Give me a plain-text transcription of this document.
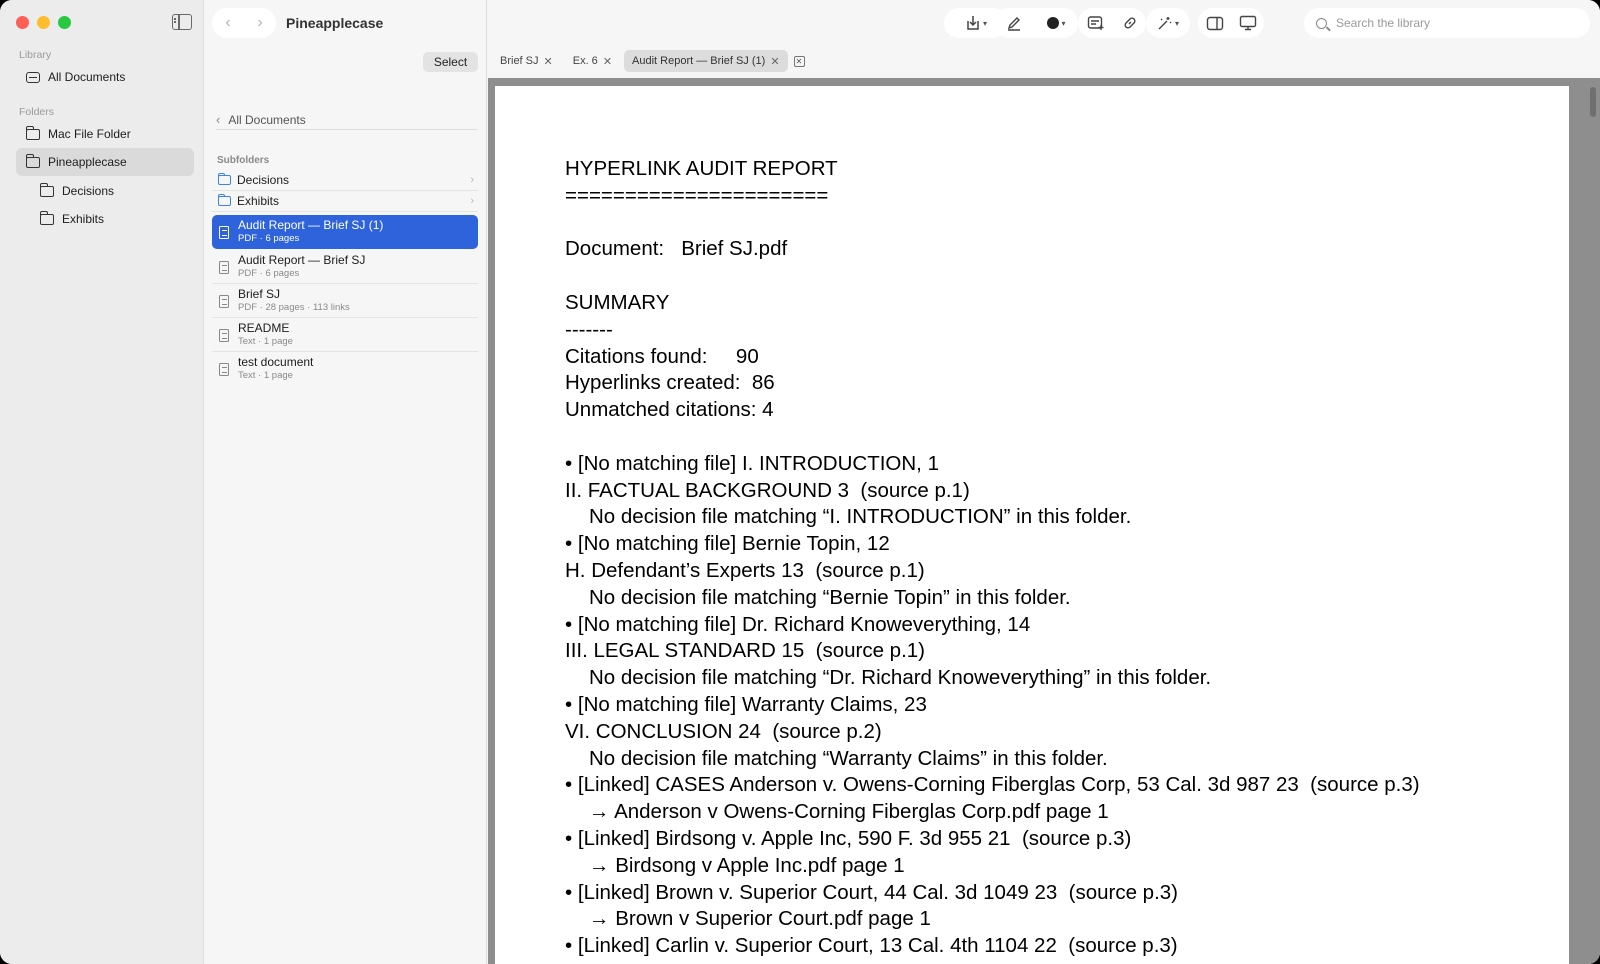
Library
All Documents
Folders
Mac File Folder
Pineapplecase
Decisions
Exhibits
‹ › Pineapplecase
Select
‹ All Documents
Subfolders
Decisions	›
Exhibits	›
Audit Report — Brief SJ (1)
PDF · 6 pages
Audit Report — Brief SJ
PDF · 6 pages
Brief SJ
PDF · 28 pages · 113 links
README
Text · 1 page
test document
Text · 1 page
▾	▾	▾
Search the library
Brief SJ ✕ Ex. 6 ✕ Audit Report — Brief SJ (1) ✕ ✕
HYPERLINK AUDIT REPORT
======================
Document:   Brief SJ.pdf
SUMMARY
-------
Citations found:     90
Hyperlinks created:  86
Unmatched citations: 4
• [No matching file] I. INTRODUCTION, 1
II. FACTUAL BACKGROUND 3  (source p.1)
No decision file matching “I. INTRODUCTION” in this folder.
• [No matching file] Bernie Topin, 12
H. Defendant’s Experts 13  (source p.1)
No decision file matching “Bernie Topin” in this folder.
• [No matching file] Dr. Richard Knoweverything, 14
III. LEGAL STANDARD 15  (source p.1)
No decision file matching “Dr. Richard Knoweverything” in this folder.
• [No matching file] Warranty Claims, 23
VI. CONCLUSION 24  (source p.2)
No decision file matching “Warranty Claims” in this folder.
• [Linked] CASES Anderson v. Owens-Corning Fiberglas Corp, 53 Cal. 3d 987 23  (source p.3)
→ Anderson v Owens-Corning Fiberglas Corp.pdf page 1
• [Linked] Birdsong v. Apple Inc, 590 F. 3d 955 21  (source p.3)
→ Birdsong v Apple Inc.pdf page 1
• [Linked] Brown v. Superior Court, 44 Cal. 3d 1049 23  (source p.3)
→ Brown v Superior Court.pdf page 1
• [Linked] Carlin v. Superior Court, 13 Cal. 4th 1104 22  (source p.3)
